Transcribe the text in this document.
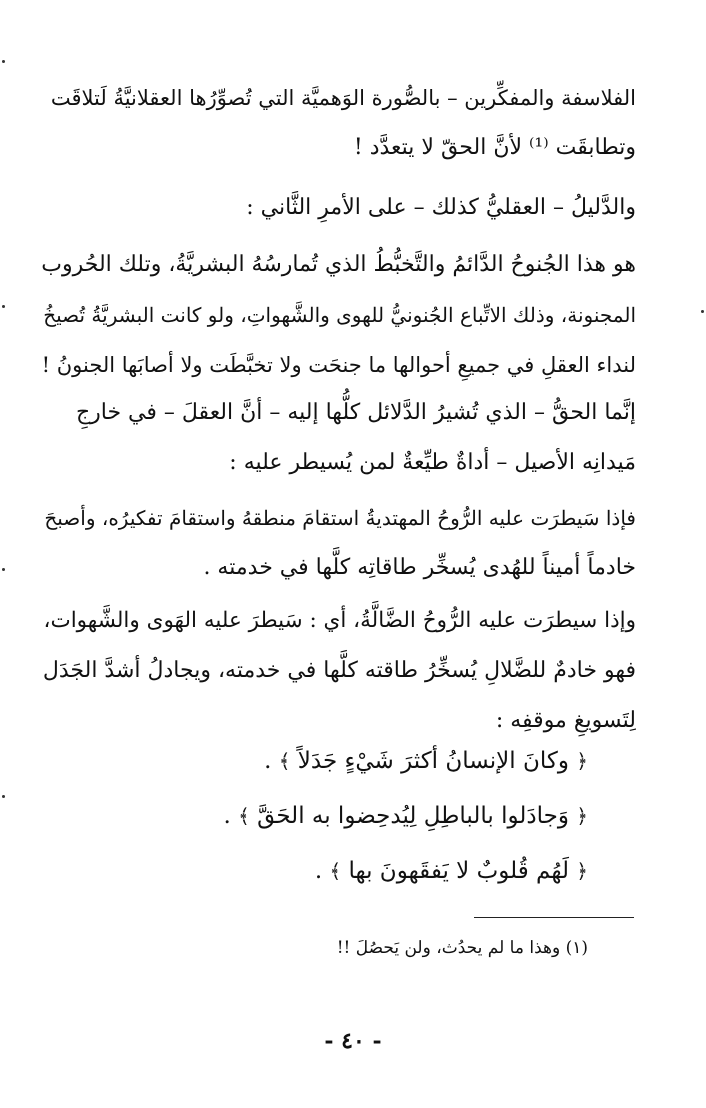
الفلاسفة والمفكِّرين – بالصُّورة الوَهميَّة التي تُصوِّرُها العقلانيَّةُ لَتلاقَت
وتطابقَت ⁽¹⁾ لأنَّ الحقّ لا يتعدَّد !
والدَّليلُ – العقليُّ كذلك – على الأمرِ الثَّاني :
هو هذا الجُنوحُ الدَّائمُ والتَّخبُّطُ الذي تُمارسُهُ البشريَّةُ، وتلك الحُروب
المجنونة، وذلك الاتِّباع الجُنونيُّ للهوى والشَّهواتِ، ولو كانت البشريَّةُ تُصيخُ
لنداء العقلِ في جميعِ أحوالها ما جنحَت ولا تخبَّطَت ولا أصابَها الجنونُ !
إنَّما الحقُّ – الذي تُشيرُ الدَّلائل كلُّها إليه – أنَّ العقلَ – في خارجِ
مَيدانِه الأصيل – أداةٌ طيِّعةٌ لمن يُسيطر عليه :
فإذا سَيطرَت عليه الرُّوحُ المهتديةُ استقامَ منطقهُ واستقامَ تفكيرُه، وأصبحَ
خادماً أميناً للهُدى يُسخِّر طاقاتِه كلَّها في خدمته .
وإذا سيطرَت عليه الرُّوحُ الضَّالَّةُ، أي : سَيطرَ عليه الهَوى والشَّهوات،
فهو خادمٌ للضَّلالِ يُسخِّرُ طاقته كلَّها في خدمته، ويجادلُ أشدَّ الجَدَل
لِتَسويغِ موقفِه :
﴿ وكانَ الإنسانُ أكثرَ شَيْءٍ جَدَلاً ﴾ .
﴿ وَجادَلوا بالباطِلِ لِيُدحِضوا به الحَقَّ ﴾ .
﴿ لَهُم قُلوبٌ لا يَفقَهونَ بها ﴾ .
(١) وهذا ما لم يحدُث، ولن يَحصُلَ !!
- ٤٠ -
